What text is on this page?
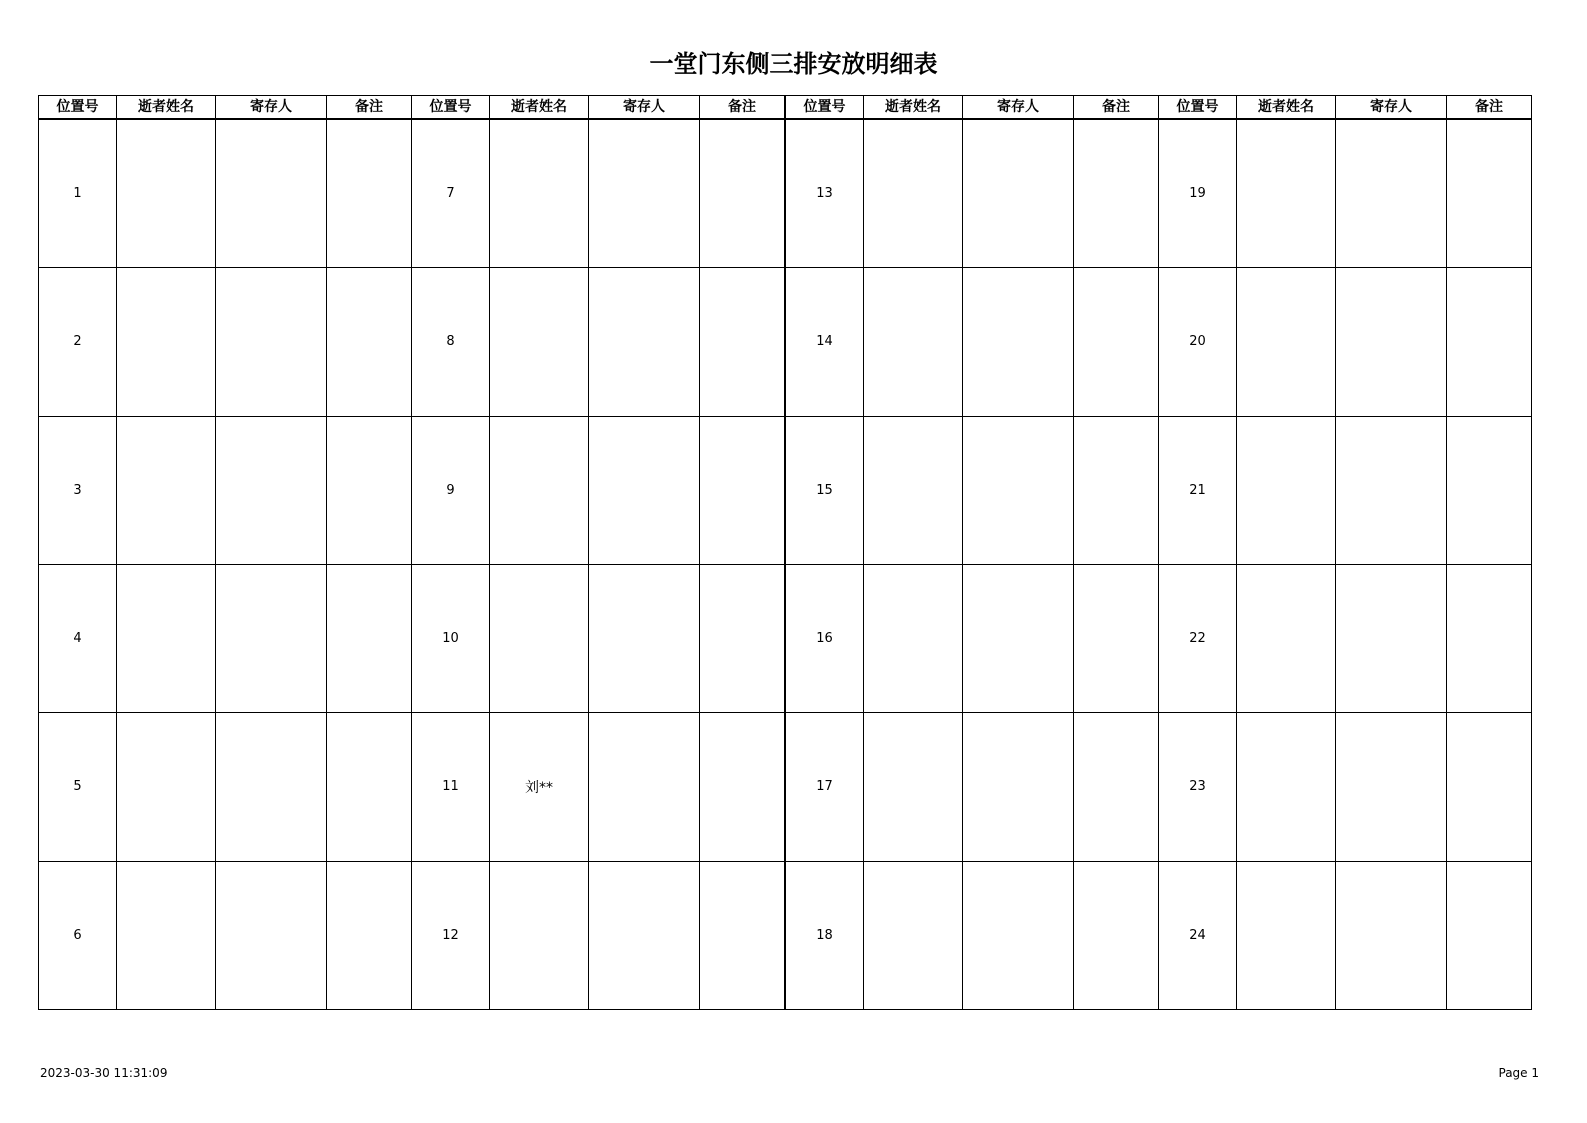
一堂门东侧三排安放明细表
位置号	逝者姓名	寄存人	备注
1			
2			
3			
4			
5			
6			
位置号	逝者姓名	寄存人	备注
7			
8			
9			
10			
11	刘**		
12			
位置号	逝者姓名	寄存人	备注
13			
14			
15			
16			
17			
18			
位置号	逝者姓名	寄存人	备注
19			
20			
21			
22			
23			
24			
2023-03-30 11:31:09	Page 1
